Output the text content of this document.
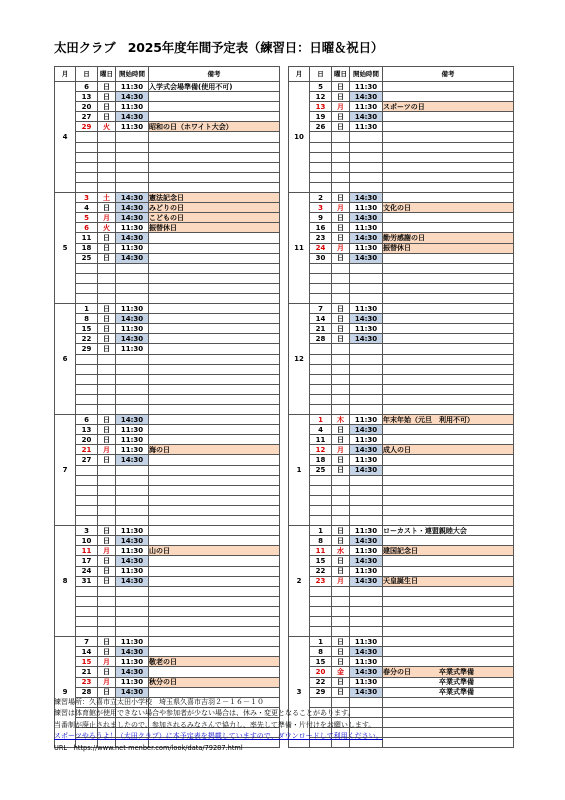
太田クラブ　2025年度年間予定表（練習日：日曜＆祝日）
月	日	曜日	開始時間	備考
4	6	日	11:30	入学式会場準備(使用不可)
	13	日	14:30	
	20	日	11:30	
	27	日	14:30	
	29	火	11:30	昭和の日（ホワイト大会）

5	3	土	14:30	憲法記念日
	4	日	14:30	みどりの日
	5	月	14:30	こどもの日
	6	火	11:30	振替休日
	11	日	14:30	
	18	日	11:30	
	25	日	14:30	

6	1	日	11:30	
	8	日	14:30	
	15	日	11:30	
	22	日	14:30	
	29	日	11:30	

7	6	日	14:30	
	13	日	11:30	
	20	日	11:30	
	21	月	11:30	海の日
	27	日	14:30	

8	3	日	11:30	
	10	日	14:30	
	11	月	11:30	山の日
	17	日	14:30	
	24	日	11:30	
	31	日	14:30	

9	7	日	11:30	
	14	日	14:30	
	15	月	11:30	敬老の日
	21	日	14:30	
	23	月	11:30	秋分の日
	28	日	14:30	

月	日	曜日	開始時間	備考
10	5	日	11:30	
	12	日	14:30	
	13	月	11:30	スポーツの日
	19	日	14:30	
	26	日	11:30	

11	2	日	14:30	
	3	月	11:30	文化の日
	9	日	14:30	
	16	日	11:30	
	23	日	14:30	勤労感謝の日
	24	月	11:30	振替休日
	30	日	14:30	

12	7	日	11:30	
	14	日	14:30	
	21	日	11:30	
	28	日	14:30	

1	1	木	11:30	年末年始（元旦　利用不可）
	4	日	14:30	
	11	日	11:30	
	12	月	14:30	成人の日
	18	日	11:30	
	25	日	14:30	

2	1	日	11:30	ローカスト・連盟親睦大会
	8	日	14:30	
	11	水	11:30	建国記念日
	15	日	14:30	
	22	日	11:30	
	23	月	14:30	天皇誕生日

3	1	日	11:30	
	8	日	14:30	
	15	日	11:30	
	20	金	14:30	春分の日　　　　卒業式準備
	22	日	11:30	　　　　　　　　卒業式準備
	29	日	14:30	　　　　　　　　卒業式準備

練習場所：久喜市立太田小学校　埼玉県久喜市吉羽２－１６－１０
練習は体育館が使用できない場合や参加者が少ない場合は、休み・変更となることがあります。
当番制が廃止されましたので、参加されるみなさんで協力し、率先して準備・片付けをお願いします。
スポーツやろうよ！（太田クラブ）に本予定表を掲載していますので、ダウンロードして利用ください。
URL　https://www.net-menber.com/look/data/79287.html
